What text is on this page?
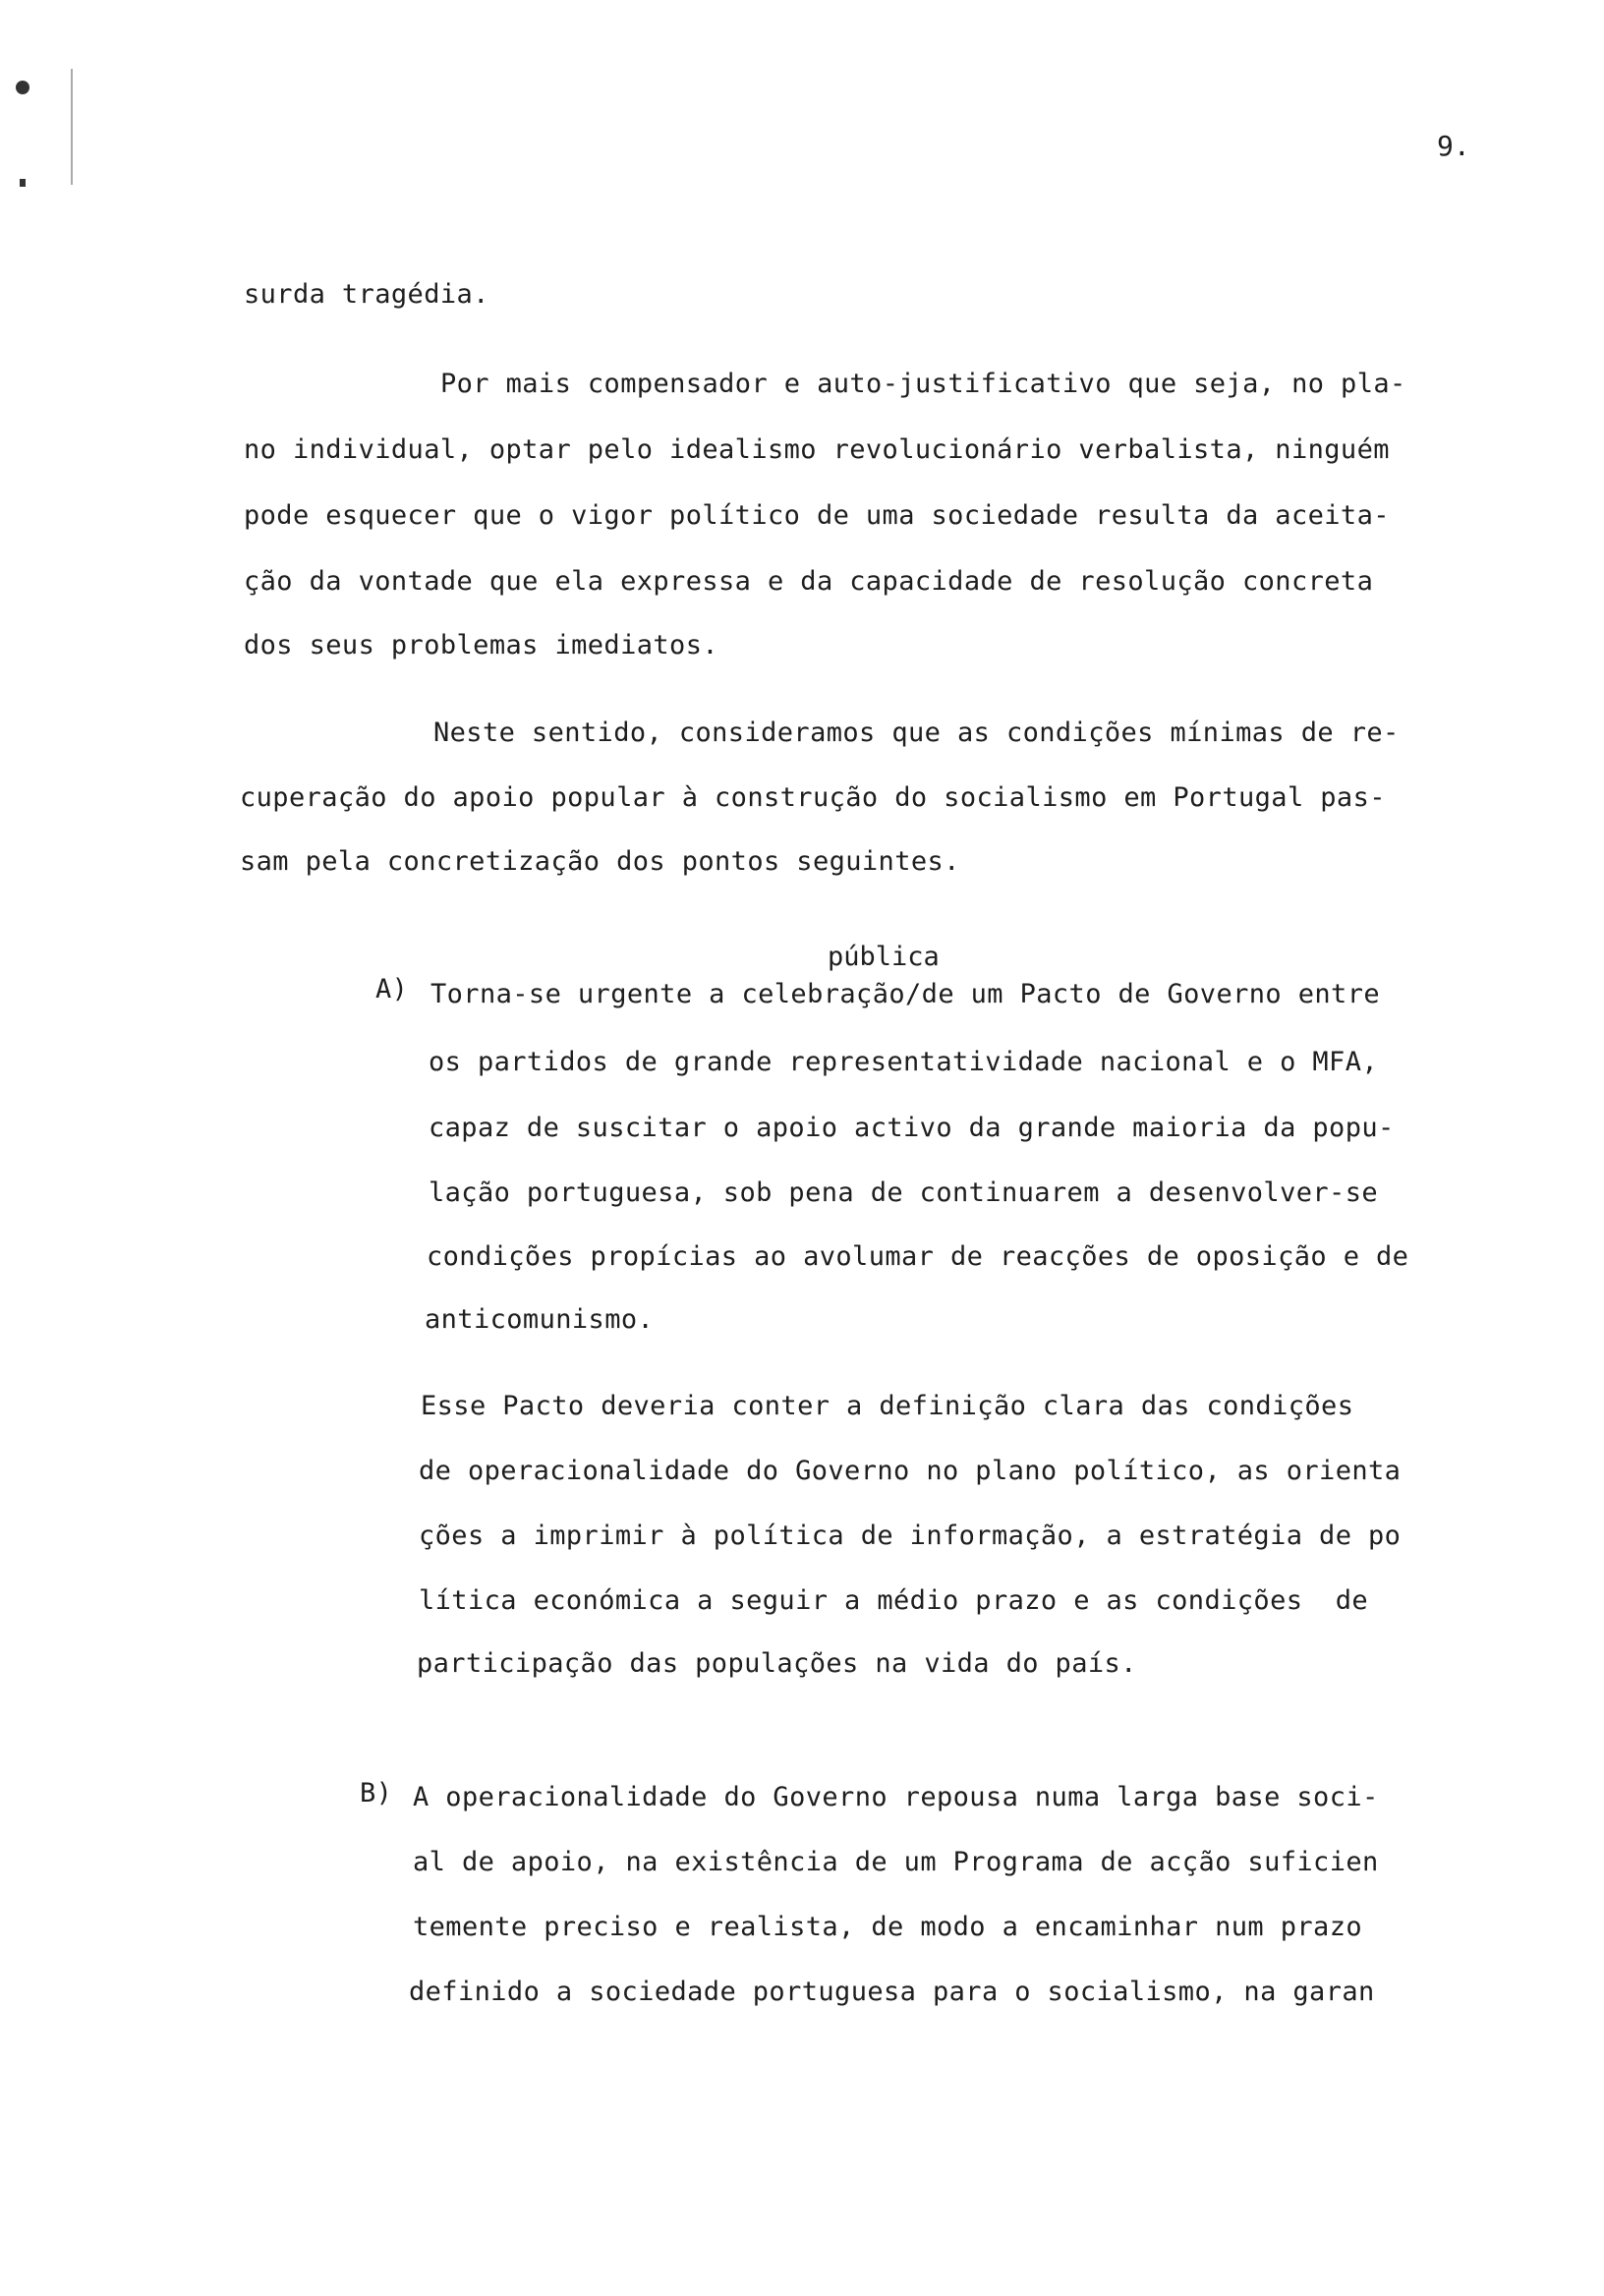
9.
surda tragédia.
Por mais compensador e auto-justificativo que seja, no pla-
no individual, optar pelo idealismo revolucionário verbalista, ninguém
pode esquecer que o vigor político de uma sociedade resulta da aceita-
ção da vontade que ela expressa e da capacidade de resolução concreta
dos seus problemas imediatos.
Neste sentido, consideramos que as condições mínimas de re-
cuperação do apoio popular à construção do socialismo em Portugal pas-
sam pela concretização dos pontos seguintes.
pública
A) Torna-se urgente a celebração/de um Pacto de Governo entre
os partidos de grande representatividade nacional e o MFA,
capaz de suscitar o apoio activo da grande maioria da popu-
lação portuguesa, sob pena de continuarem a desenvolver-se
condições propícias ao avolumar de reacções de oposição e de
anticomunismo.
Esse Pacto deveria conter a definição clara das condições
de operacionalidade do Governo no plano político, as orienta
ções a imprimir à política de informação, a estratégia de po
lítica económica a seguir a médio prazo e as condições  de
participação das populações na vida do país.
B) A operacionalidade do Governo repousa numa larga base soci-
al de apoio, na existência de um Programa de acção suficien
temente preciso e realista, de modo a encaminhar num prazo
definido a sociedade portuguesa para o socialismo, na garan
